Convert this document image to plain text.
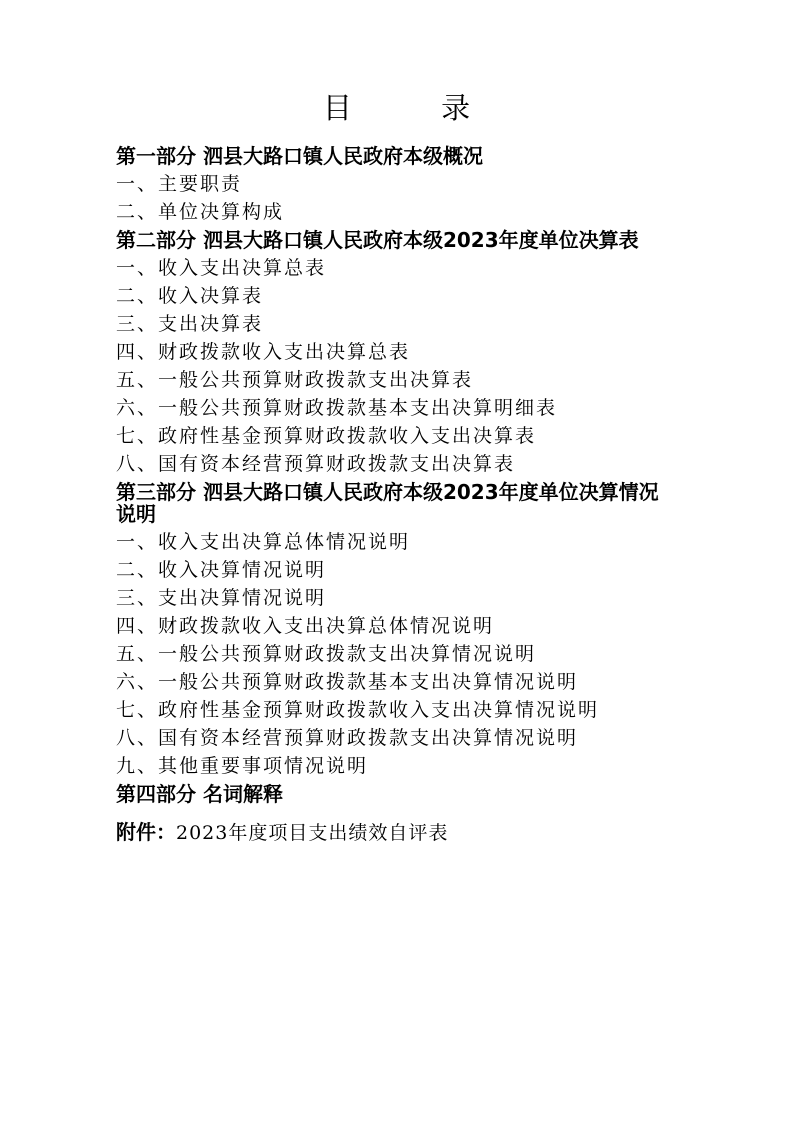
目 录
第一部分 泗县大路口镇人民政府本级概况
一、主要职责
二、单位决算构成
第二部分 泗县大路口镇人民政府本级2023年度单位决算表
一、收入支出决算总表
二、收入决算表
三、支出决算表
四、财政拨款收入支出决算总表
五、一般公共预算财政拨款支出决算表
六、一般公共预算财政拨款基本支出决算明细表
七、政府性基金预算财政拨款收入支出决算表
八、国有资本经营预算财政拨款支出决算表
第三部分 泗县大路口镇人民政府本级2023年度单位决算情况说明
一、收入支出决算总体情况说明
二、收入决算情况说明
三、支出决算情况说明
四、财政拨款收入支出决算总体情况说明
五、一般公共预算财政拨款支出决算情况说明
六、一般公共预算财政拨款基本支出决算情况说明
七、政府性基金预算财政拨款收入支出决算情况说明
八、国有资本经营预算财政拨款支出决算情况说明
九、其他重要事项情况说明
第四部分 名词解释
附件：2023年度项目支出绩效自评表
